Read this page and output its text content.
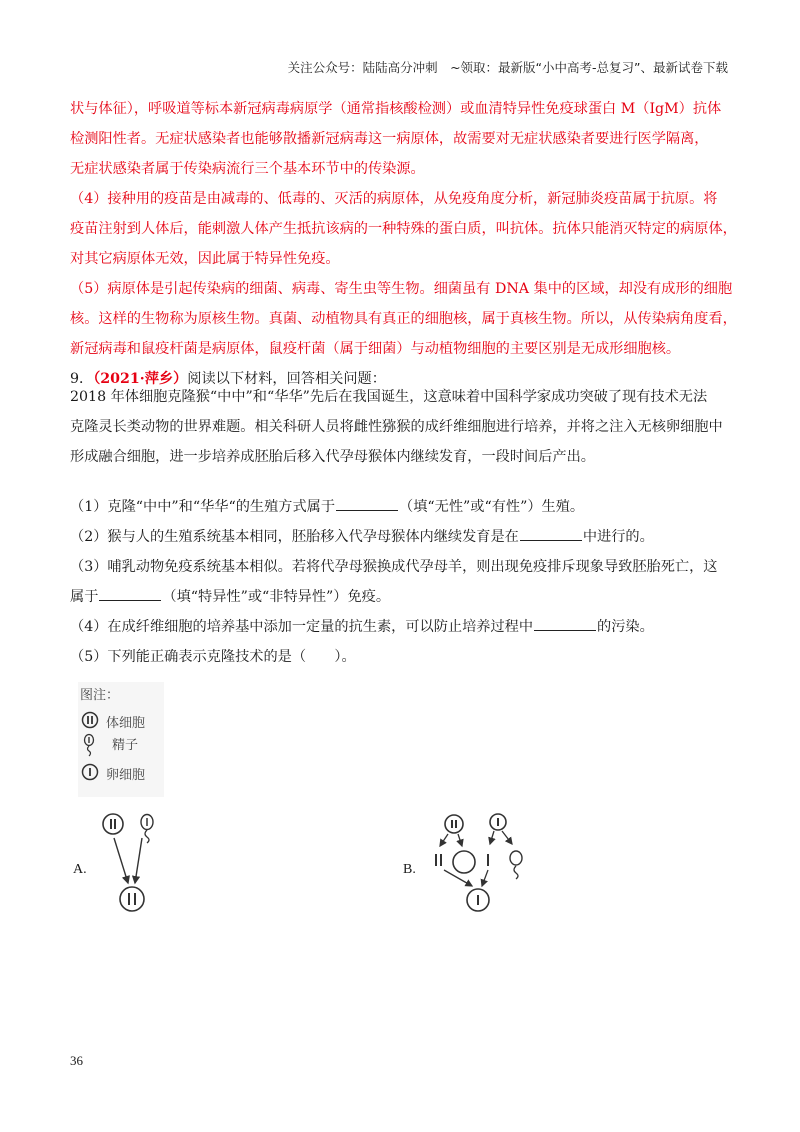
关注公众号：陆陆高分冲刺　~领取：最新版“小中高考-总复习”、最新试卷下载
状与体征），呼吸道等标本新冠病毒病原学（通常指核酸检测）或血清特异性免疫球蛋白 M（IgM）抗体
检测阳性者。无症状感染者也能够散播新冠病毒这一病原体，故需要对无症状感染者要进行医学隔离，
无症状感染者属于传染病流行三个基本环节中的传染源。
（4）接种用的疫苗是由减毒的、低毒的、灭活的病原体，从免疫角度分析，新冠肺炎疫苗属于抗原。将
疫苗注射到人体后，能刺激人体产生抵抗该病的一种特殊的蛋白质，叫抗体。抗体只能消灭特定的病原体，
对其它病原体无效，因此属于特异性免疫。
（5）病原体是引起传染病的细菌、病毒、寄生虫等生物。细菌虽有 DNA 集中的区域，却没有成形的细胞
核。这样的生物称为原核生物。真菌、动植物具有真正的细胞核，属于真核生物。所以，从传染病角度看，
新冠病毒和鼠疫杆菌是病原体，鼠疫杆菌（属于细菌）与动植物细胞的主要区别是无成形细胞核。
9．（2021·萍乡）阅读以下材料，回答相关问题：
2018 年体细胞克隆猴“中中”和“华华”先后在我国诞生，这意味着中国科学家成功突破了现有技术无法
克隆灵长类动物的世界难题。相关科研人员将雌性猕猴的成纤维细胞进行培养，并将之注入无核卵细胞中
形成融合细胞，进一步培养成胚胎后移入代孕母猴体内继续发育，一段时间后产出。
（1）克隆“中中”和“华华“的生殖方式属于	（填“无性”或“有性”）生殖。
（2）猴与人的生殖系统基本相同，胚胎移入代孕母猴体内继续发育是在	中进行的。
（3）哺乳动物免疫系统基本相似。若将代孕母猴换成代孕母羊，则出现免疫排斥现象导致胚胎死亡，这
属于	（填“特异性”或“非特异性”）免疫。
（4）在成纤维细胞的培养基中添加一定量的抗生素，可以防止培养过程中	的污染。
（5）下列能正确表示克隆技术的是（　　）。
图注：
体细胞
精子
卵细胞
A.	B.
36
